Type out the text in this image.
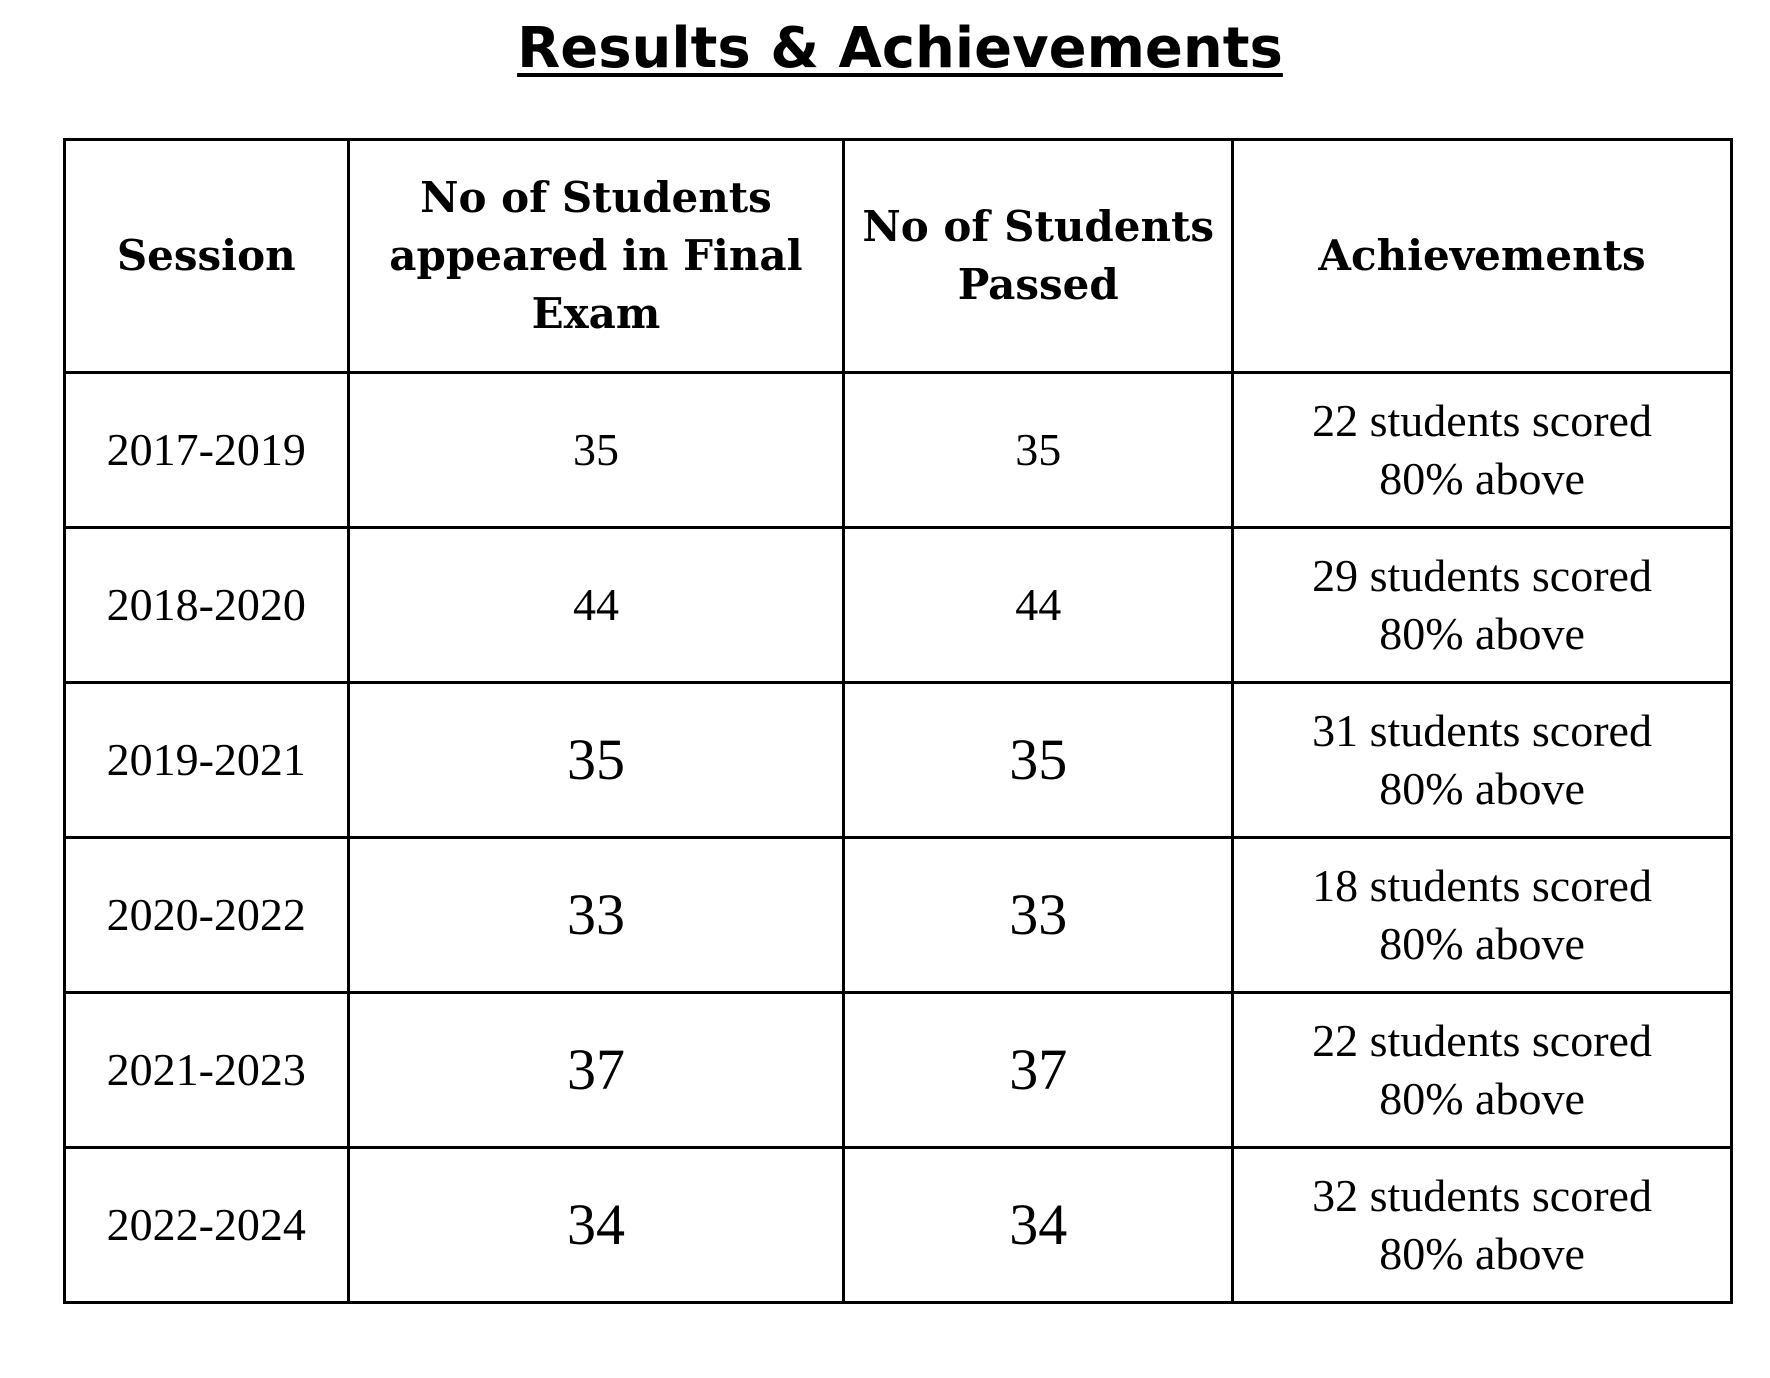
Results & Achievements
Session	No of Students appeared in Final Exam	No of Students Passed	Achievements
2017-2019	35	35	22 students scored
80% above

2018-2020	44	44	29 students scored
80% above

2019-2021	35	35	31 students scored
80% above

2020-2022	33	33	18 students scored
80% above

2021-2023	37	37	22 students scored
80% above

2022-2024	34	34	32 students scored
80% above
